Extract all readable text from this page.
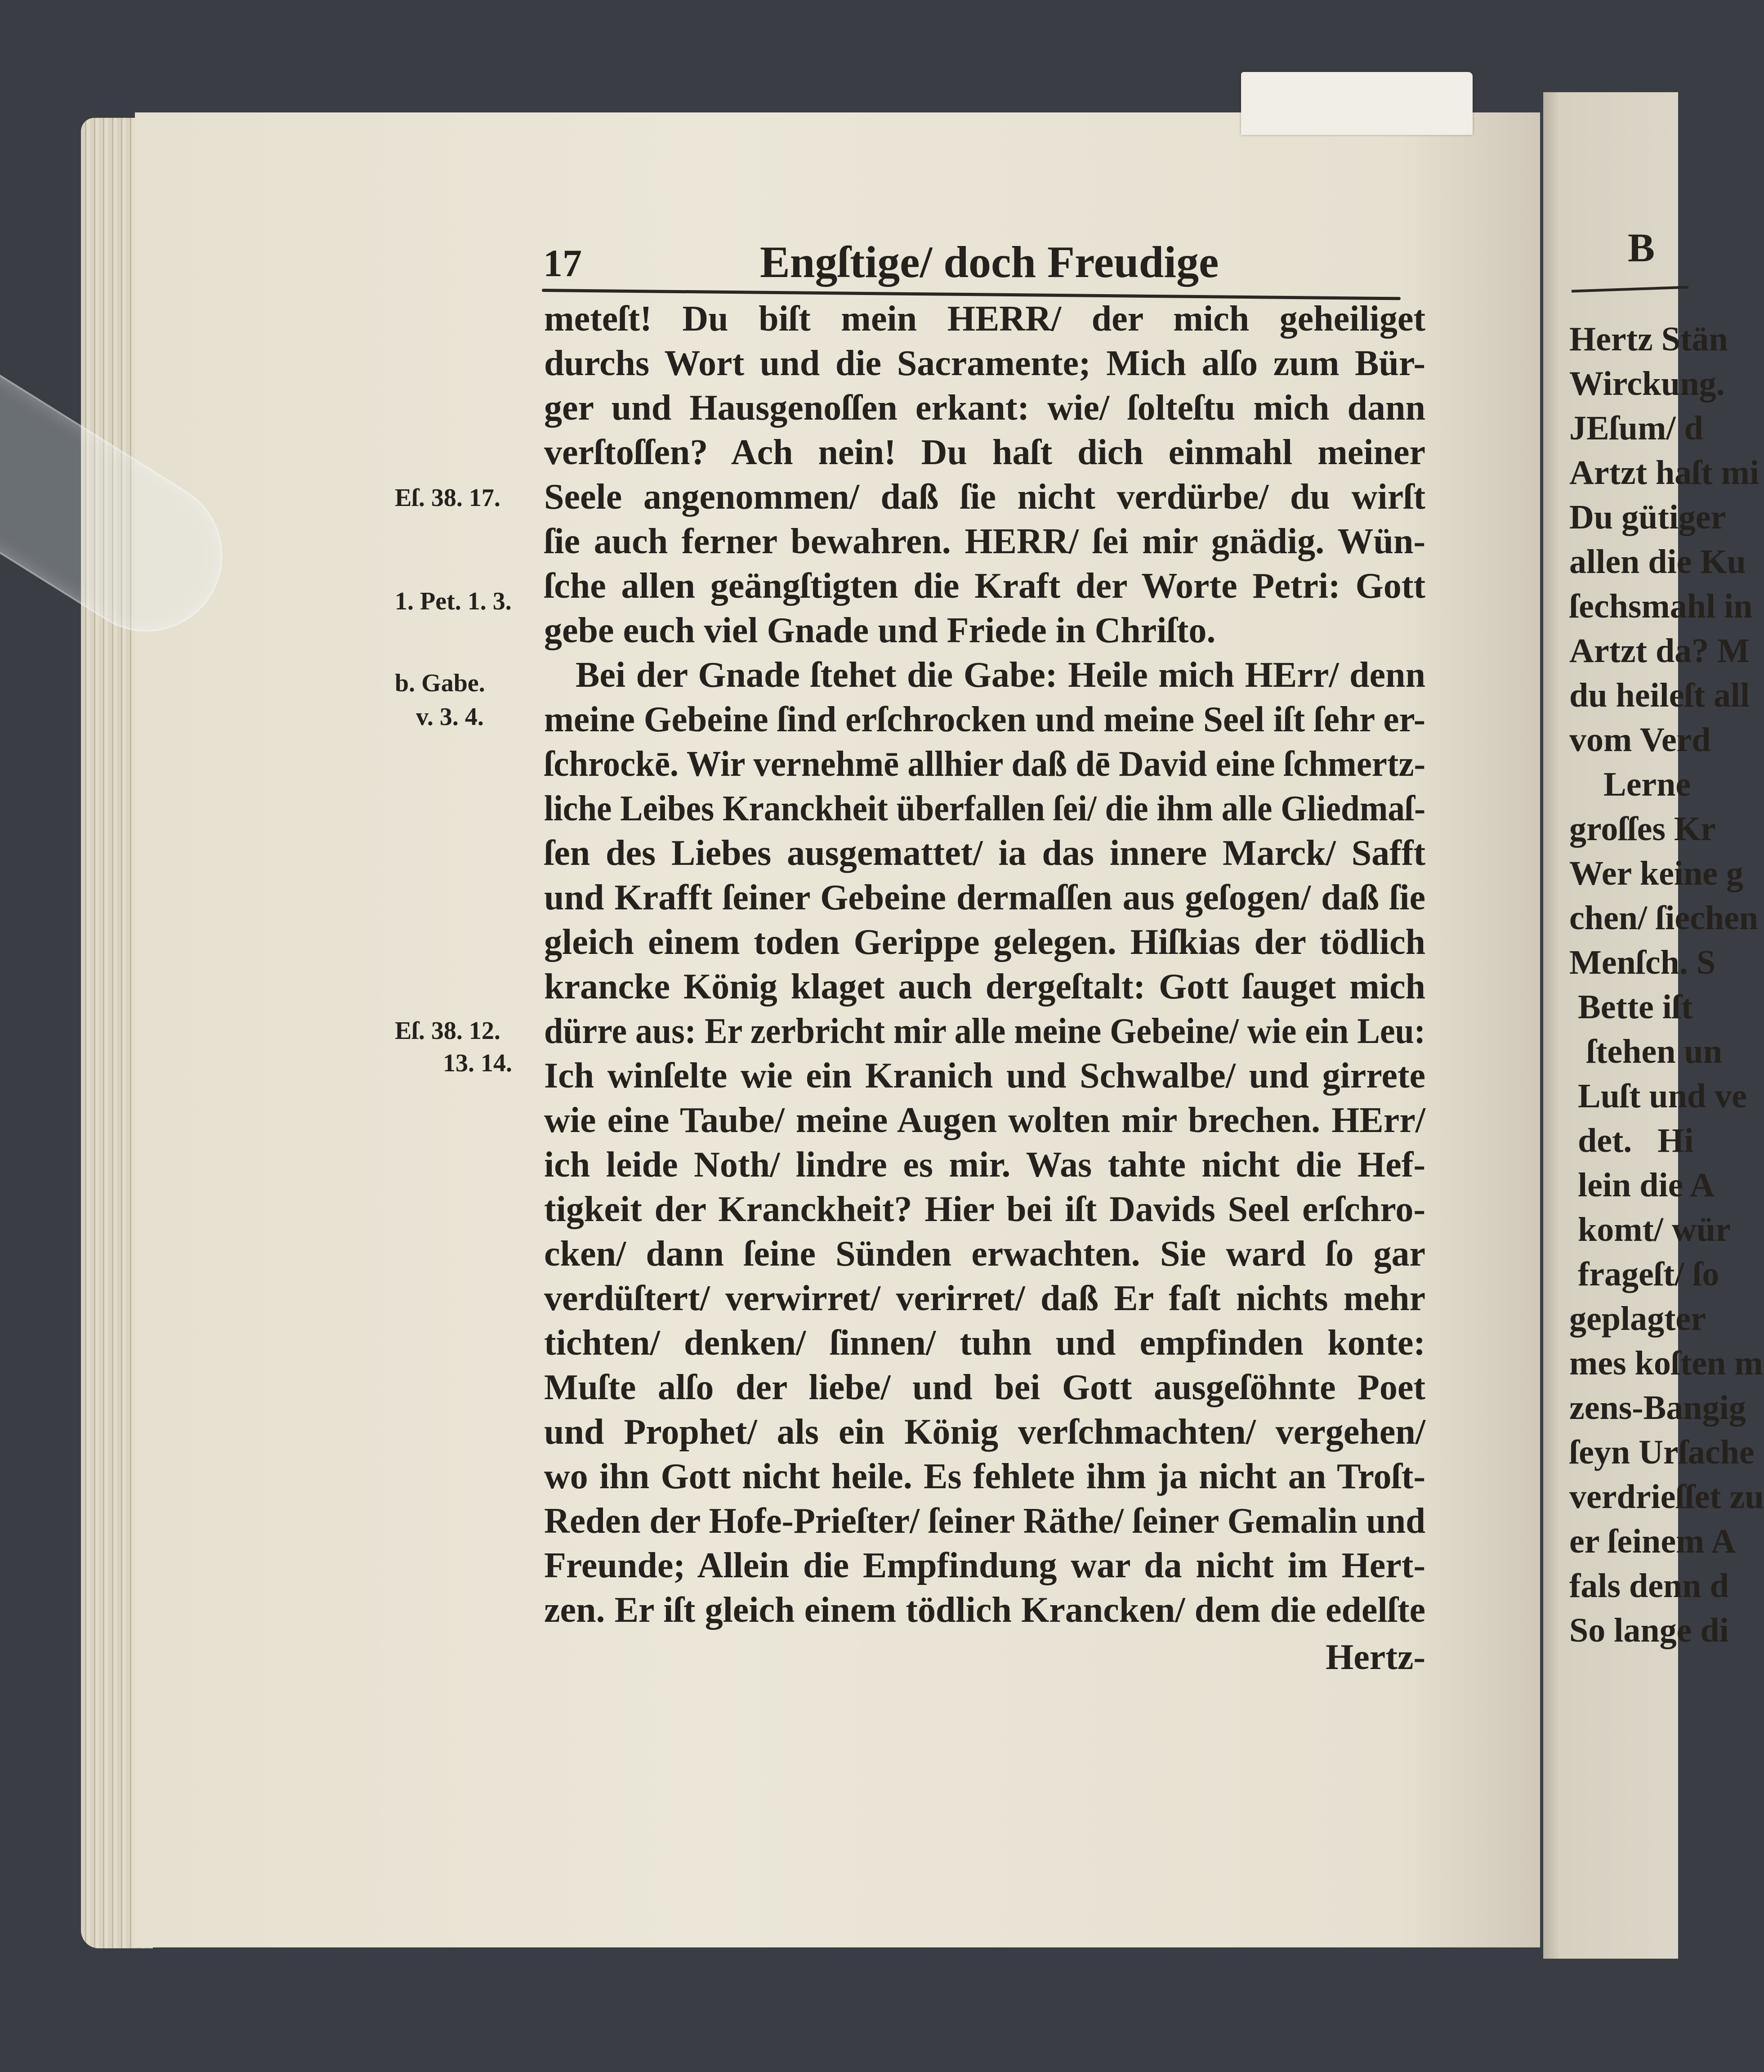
Hertz Stän
Wirckung.
JEſum/ d
Artzt haſt mi
Du gütiger
allen die Ku
ſechsmahl in
Artzt da? M
du heileſt all
vom Verd
Lerne
groſſes Kr
Wer keine g
chen/ ſiechen
Menſch. S
Bette iſt
ſtehen un
Luſt und ve
det.   Hi
lein die A
komt/ wür
frageſt/ ſo
geplagter
mes koſten m
zens-Bangig
ſeyn Urſache
verdrieſſet zu
er ſeinem A
fals denn d
So lange di
B
17	Engſtige/ doch Freudige
meteſt! Du biſt mein HERR/ der mich geheiliget
durchs Wort und die Sacramente; Mich alſo zum Bür-
ger und Hausgenoſſen erkant: wie/ ſolteſtu mich dann
verſtoſſen? Ach nein! Du haſt dich einmahl meiner
Seele angenommen/ daß ſie nicht verdürbe/ du wirſt
ſie auch ferner bewahren. HERR/ ſei mir gnädig. Wün-
ſche allen geängſtigten die Kraft der Worte Petri: Gott
gebe euch viel Gnade und Friede in Chriſto.
Bei der Gnade ſtehet die Gabe: Heile mich HErr/ denn
meine Gebeine ſind erſchrocken und meine Seel iſt ſehr er-
ſchrockē. Wir vernehmē allhier daß dē David eine ſchmertz-
liche Leibes Kranckheit überfallen ſei/ die ihm alle Gliedmaſ-
ſen des Liebes ausgemattet/ ia das innere Marck/ Safft
und Krafft ſeiner Gebeine dermaſſen aus geſogen/ daß ſie
gleich einem toden Gerippe gelegen. Hiſkias der tödlich
krancke König klaget auch dergeſtalt: Gott ſauget mich
dürre aus: Er zerbricht mir alle meine Gebeine/ wie ein Leu:
Ich winſelte wie ein Kranich und Schwalbe/ und girrete
wie eine Taube/ meine Augen wolten mir brechen. HErr/
ich leide Noth/ lindre es mir. Was tahte nicht die Hef-
tigkeit der Kranckheit? Hier bei iſt Davids Seel erſchro-
cken/ dann ſeine Sünden erwachten. Sie ward ſo gar
verdüſtert/ verwirret/ verirret/ daß Er faſt nichts mehr
tichten/ denken/ ſinnen/ tuhn und empfinden konte:
Muſte alſo der liebe/ und bei Gott ausgeſöhnte Poet
und Prophet/ als ein König verſchmachten/ vergehen/
wo ihn Gott nicht heile. Es fehlete ihm ja nicht an Troſt-
Reden der Hofe-Prieſter/ ſeiner Räthe/ ſeiner Gemalin und
Freunde; Allein die Empfindung war da nicht im Hert-
zen. Er iſt gleich einem tödlich Krancken/ dem die edelſte
Hertz-
Eſ. 38. 17.
1. Pet. 1. 3.
b. Gabe.
v. 3. 4.
Eſ. 38. 12.
13. 14.
